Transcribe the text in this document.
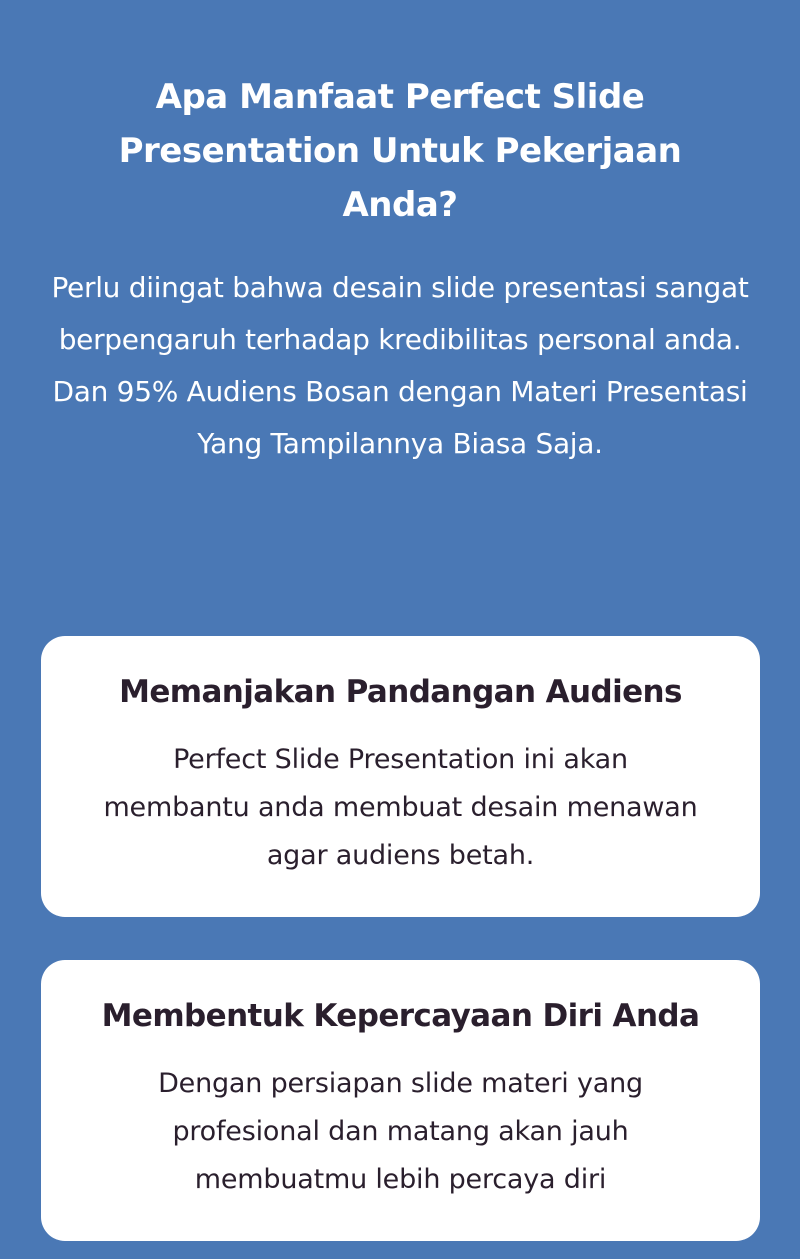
Apa Manfaat Perfect Slide Presentation Untuk Pekerjaan Anda?

Perlu diingat bahwa desain slide presentasi sangat berpengaruh terhadap kredibilitas personal anda. Dan 95% Audiens Bosan dengan Materi Presentasi Yang Tampilannya Biasa Saja.

Memanjakan Pandangan Audiens

Perfect Slide Presentation ini akan membantu anda membuat desain menawan agar audiens betah.

Membentuk Kepercayaan Diri Anda

Dengan persiapan slide materi yang profesional dan matang akan jauh membuatmu lebih percaya diri
